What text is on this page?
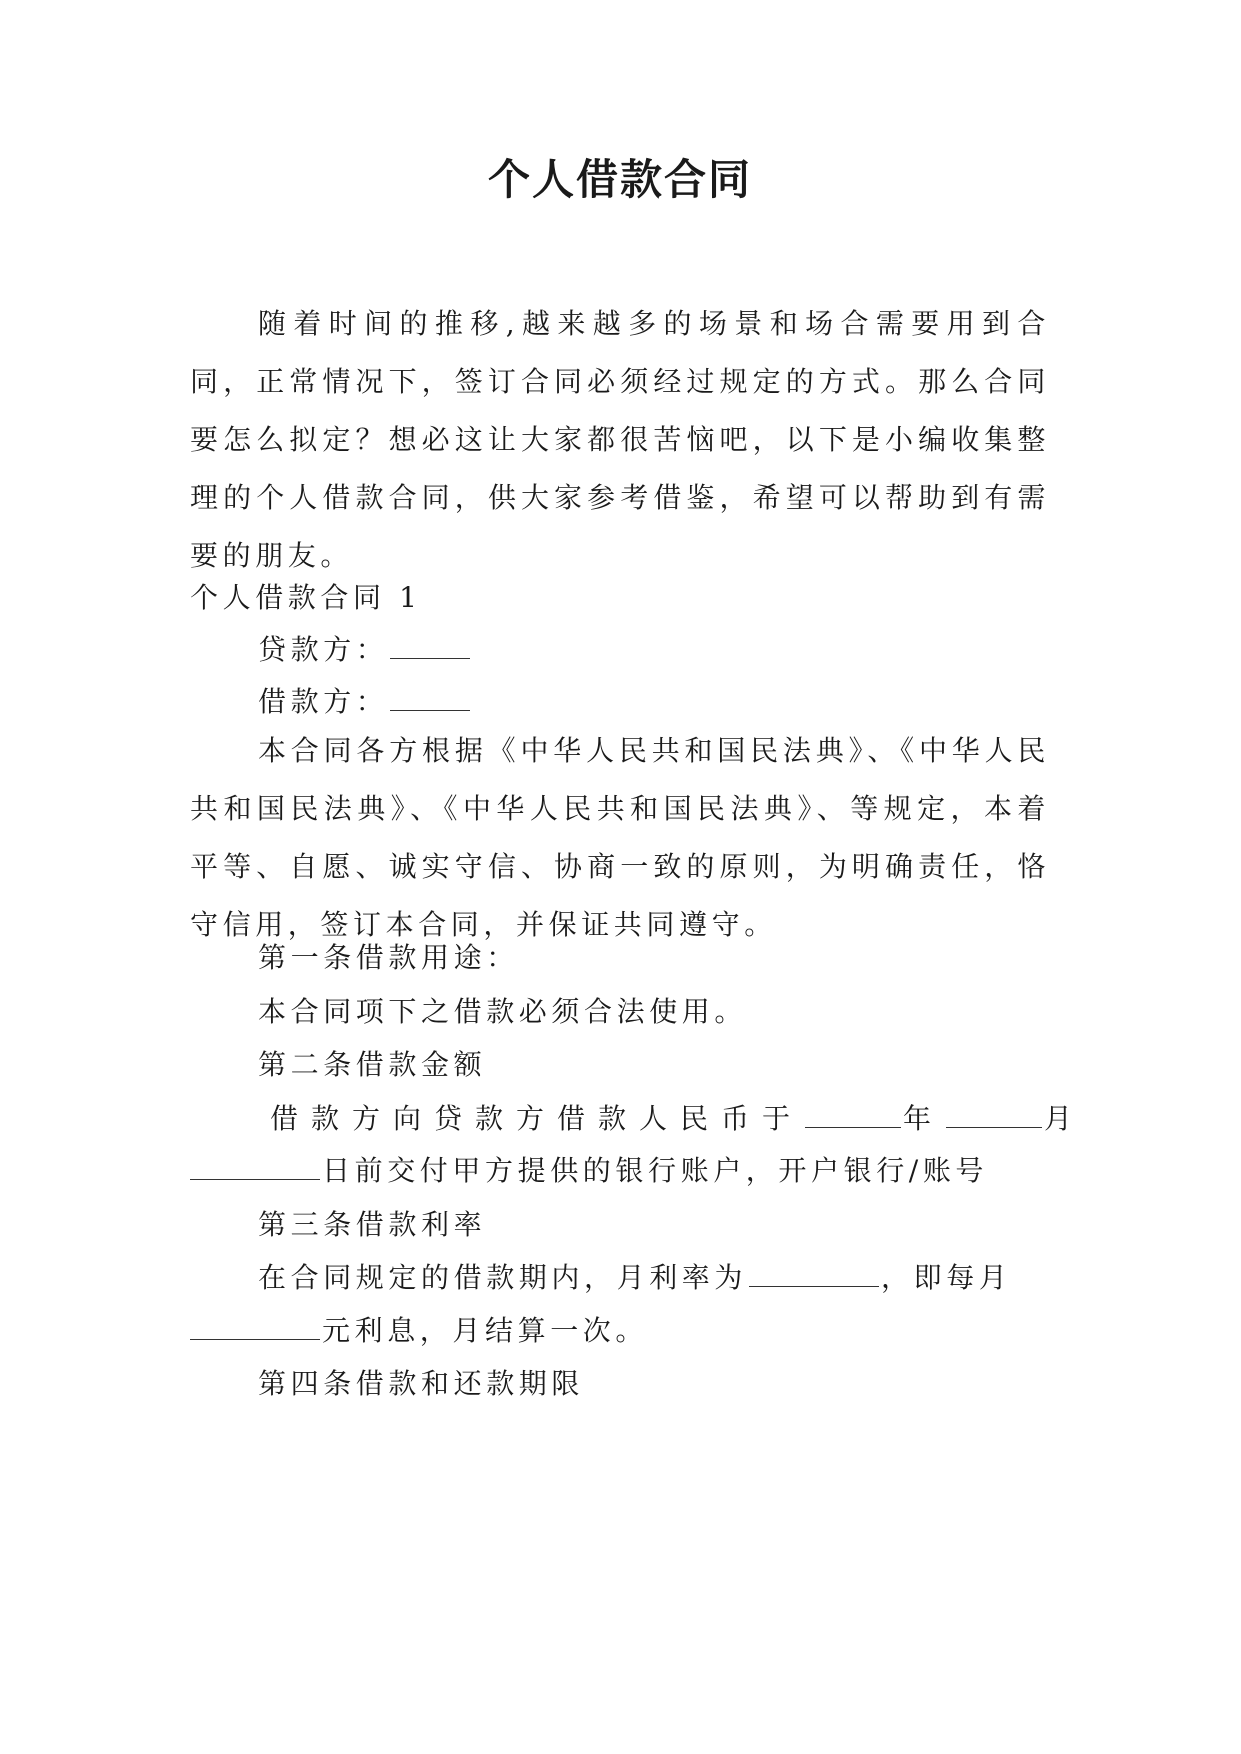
个人借款合同

随着时间的推移,越来越多的场景和场合需要用到合同，正常情况下，签订合同必须经过规定的方式。那么合同要怎么拟定？想必这让大家都很苦恼吧，以下是小编收集整理的个人借款合同，供大家参考借鉴，希望可以帮助到有需要的朋友。

个人借款合同 1
贷款方：
借款方：

本合同各方根据《中华人民共和国民法典》、《中华人民共和国民法典》、《中华人民共和国民法典》、等规定，本着平等、自愿、诚实守信、协商一致的原则，为明确责任，恪守信用，签订本合同，并保证共同遵守。

第一条借款用途：
本合同项下之借款必须合法使用。
第二条借款金额
借款方向贷款方借款人民币于	年	月
日前交付甲方提供的银行账户，开户银行/账号
第三条借款利率
在合同规定的借款期内，月利率为	，即每月
元利息，月结算一次。
第四条借款和还款期限
